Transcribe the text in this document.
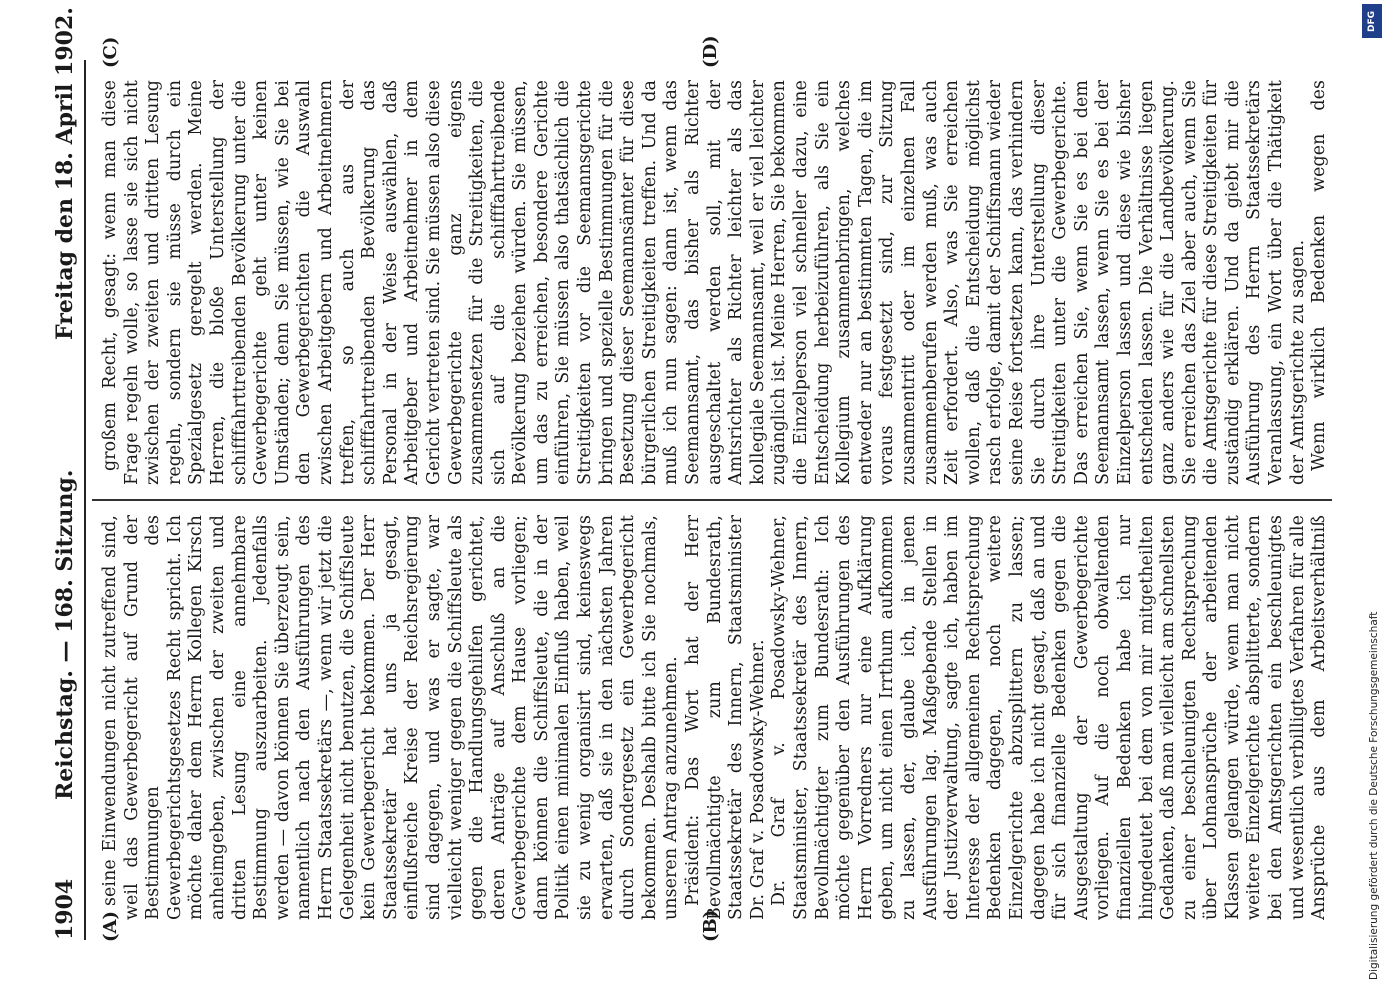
1904
Reichstag. — 168. Sitzung.
Freitag den 18. April 1902.
(A)	(B)
(C)	(D)

seine Einwendungen nicht zutreffend sind, weil das Gewerbegericht auf Grund der Bestimmungen des Gewerbegerichtsgesetzes Recht spricht. Ich möchte daher dem Herrn Kollegen Kirsch anheimgeben, zwischen der zweiten und dritten Lesung eine annehmbare Bestimmung auszuarbeiten. Jedenfalls werden — davon können Sie überzeugt sein, namentlich nach den Ausführungen des Herrn Staatssekretärs —, wenn wir jetzt die Gelegenheit nicht benutzen, die Schiffsleute kein Gewerbegericht bekommen. Der Herr Staatssekretär hat uns ja gesagt, einflußreiche Kreise der Reichsregierung sind dagegen, und was er sagte, war vielleicht weniger gegen die Schiffsleute als gegen die Handlungsgehilfen gerichtet, deren Anträge auf Anschluß an die Gewerbegerichte dem Hause vorliegen; dann können die Schiffsleute, die in der Politik einen minimalen Einfluß haben, weil sie zu wenig organisirt sind, keineswegs erwarten, daß sie in den nächsten Jahren durch Sondergesetz ein Gewerbegericht bekommen. Deshalb bitte ich Sie nochmals, unseren Antrag anzunehmen. Präsident: Das Wort hat der Herr Bevollmächtigte zum Bundesrath, Staatssekretär des Innern, Staatsminister Dr. Graf v. Posadowsky-Wehner. Dr. Graf v. Posadowsky-Wehner, Staatsminister, Staatssekretär des Innern, Bevollmächtigter zum Bundesrath: Ich möchte gegenüber den Ausführungen des Herrn Vorredners nur eine Aufklärung geben, um nicht einen Irrthum aufkommen zu lassen, der, glaube ich, in jenen Ausführungen lag. Maßgebende Stellen in der Justizverwaltung, sagte ich, haben im Interesse der allgemeinen Rechtsprechung Bedenken dagegen, noch weitere Einzelgerichte abzusplittern zu lassen; dagegen habe ich nicht gesagt, daß an und für sich finanzielle Bedenken gegen die Ausgestaltung der Gewerbegerichte vorliegen. Auf die noch obwaltenden finanziellen Bedenken habe ich nur hingedeutet bei dem von mir mitgetheilten Gedanken, daß man vielleicht am schnellsten zu einer beschleunigten Rechtsprechung über Lohnansprüche der arbeitenden Klassen gelangen würde, wenn man nicht weitere Einzelgerichte absplitterte, sondern bei den Amtsgerichten ein beschleunigtes und wesentlich verbilligtes Verfahren für alle Ansprüche aus dem Arbeitsverhältniß

großem Recht, gesagt: wenn man diese Frage regeln wolle, so lasse sie sich nicht zwischen der zweiten und dritten Lesung regeln, sondern sie müsse durch ein Spezialgesetz geregelt werden. Meine Herren, die bloße Unterstellung der schifffahrttreibenden Bevölkerung unter die Gewerbegerichte geht unter keinen Umständen; denn Sie müssen, wie Sie bei den Gewerbegerichten die Auswahl zwischen Arbeitgebern und Arbeitnehmern treffen, so auch aus der schifffahrttreibenden Bevölkerung das Personal in der Weise auswählen, daß Arbeitgeber und Arbeitnehmer in dem Gericht vertreten sind. Sie müssen also diese Gewerbegerichte ganz eigens zusammensetzen für die Streitigkeiten, die sich auf die schifffahrttreibende Bevölkerung beziehen würden. Sie müssen, um das zu erreichen, besondere Gerichte einführen, Sie müssen also thatsächlich die Streitigkeiten vor die Seemannsgerichte bringen und spezielle Bestimmungen für die Besetzung dieser Seemannsämter für diese bürgerlichen Streitigkeiten treffen. Und da muß ich nun sagen: dann ist, wenn das Seemannsamt, das bisher als Richter ausgeschaltet werden soll, mit der Amtsrichter als Richter leichter als das kollegiale Seemannsamt, weil er viel leichter zugänglich ist. Meine Herren, Sie bekommen die Einzelperson viel schneller dazu, eine Entscheidung herbeizuführen, als Sie ein Kollegium zusammenbringen, welches entweder nur an bestimmten Tagen, die im voraus festgesetzt sind, zur Sitzung zusammentritt oder im einzelnen Fall zusammenberufen werden muß, was auch Zeit erfordert. Also, was Sie erreichen wollen, daß die Entscheidung möglichst rasch erfolge, damit der Schiffsmann wieder seine Reise fortsetzen kann, das verhindern Sie durch ihre Unterstellung dieser Streitigkeiten unter die Gewerbegerichte. Das erreichen Sie, wenn Sie es bei dem Seemannsamt lassen, wenn Sie es bei der Einzelperson lassen und diese wie bisher entscheiden lassen. Die Verhältnisse liegen ganz anders wie für die Landbevölkerung. Sie erreichen das Ziel aber auch, wenn Sie die Amtsgerichte für diese Streitigkeiten für zuständig erklären. Und da giebt mir die Ausführung des Herrn Staatssekretärs Veranlassung, ein Wort über die Thätigkeit der Amtsgerichte zu sagen. Wenn wirklich Bedenken wegen des

DFG
Digitalisierung gefördert durch die Deutsche Forschungsgemeinschaft
